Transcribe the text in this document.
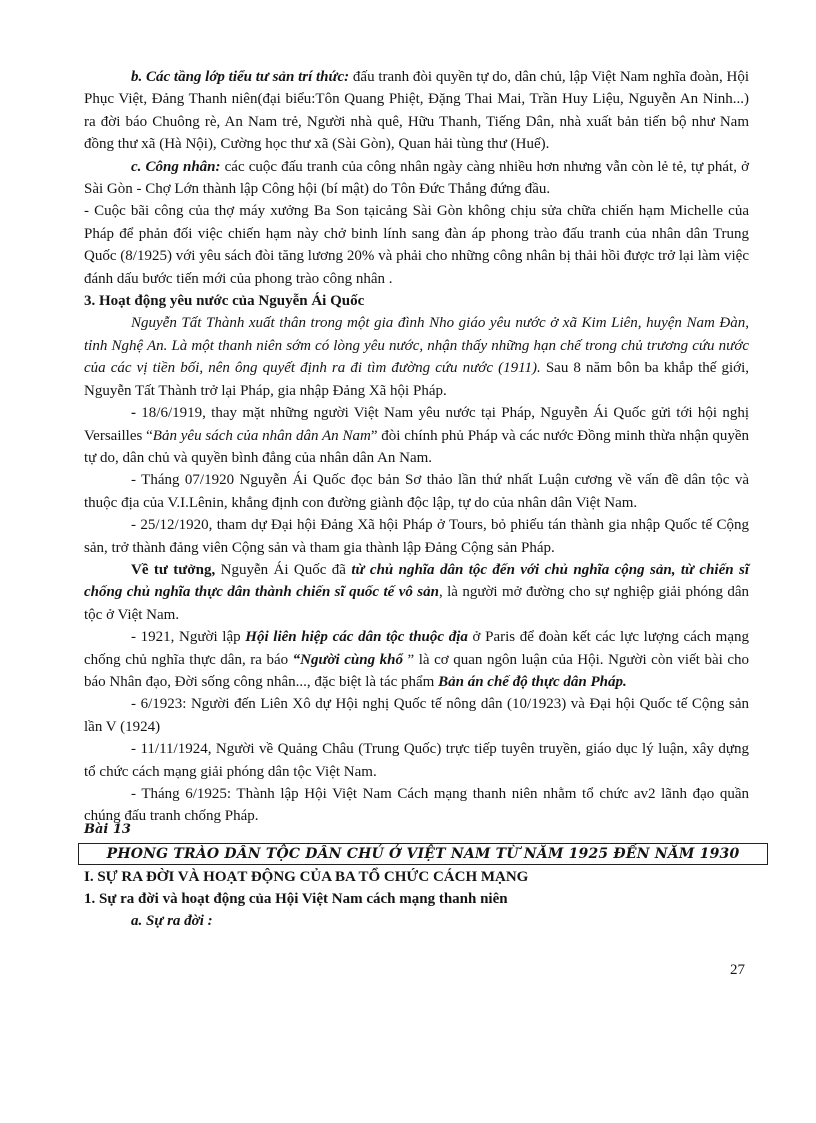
b. Các tầng lớp tiểu tư sản trí thức: đấu tranh đòi quyền tự do, dân chủ, lập Việt Nam nghĩa đoàn, Hội Phục Việt, Đảng Thanh niên(đại biểu:Tôn Quang Phiệt, Đặng Thai Mai, Trần Huy Liệu, Nguyễn An Ninh...) ra đời báo Chuông rè, An Nam trẻ, Người nhà quê, Hữu Thanh, Tiếng Dân, nhà xuất bản tiến bộ như Nam đồng thư xã (Hà Nội), Cường học thư xã (Sài Gòn), Quan hải tùng thư (Huế).

c. Công nhân: các cuộc đấu tranh của công nhân ngày càng nhiều hơn nhưng vẫn còn lẻ tẻ, tự phát, ở Sài Gòn - Chợ Lớn thành lập Công hội (bí mật) do Tôn Đức Thắng đứng đầu.

- Cuộc bãi công của thợ máy xưởng Ba Son tạicảng Sài Gòn không chịu sửa chữa chiến hạm Michelle của Pháp để phản đối việc chiến hạm này chở binh lính sang đàn áp phong trào đấu tranh của nhân dân Trung Quốc (8/1925) với yêu sách đòi tăng lương 20% và phải cho những công nhân bị thải hồi được trở lại làm việc đánh dấu bước tiến mới của phong trào công nhân .

3. Hoạt động yêu nước của Nguyễn Ái Quốc

Nguyễn Tất Thành xuất thân trong một gia đình Nho giáo yêu nước ở xã Kim Liên, huyện Nam Đàn, tỉnh Nghệ An. Là một thanh niên sớm có lòng yêu nước, nhận thấy những hạn chế trong chủ trương cứu nước của các vị tiền bối, nên ông quyết định ra đi tìm đường cứu nước (1911). Sau 8 năm bôn ba khắp thế giới, Nguyễn Tất Thành trở lại Pháp, gia nhập Đảng Xã hội Pháp.

- 18/6/1919, thay mặt những người Việt Nam yêu nước tại Pháp, Nguyễn Ái Quốc gửi tới hội nghị Versailles “Bản yêu sách của nhân dân An Nam” đòi chính phủ Pháp và các nước Đồng minh thừa nhận quyền tự do, dân chủ và quyền bình đẳng của nhân dân An Nam.

- Tháng 07/1920 Nguyễn Ái Quốc đọc bản Sơ thảo lần thứ nhất Luận cương về vấn đề dân tộc và thuộc địa của V.I.Lênin, khẳng định con đường giành độc lập, tự do của nhân dân Việt Nam.

- 25/12/1920, tham dự Đại hội Đảng Xã hội Pháp ở Tours, bỏ phiếu tán thành gia nhập Quốc tế Cộng sản, trở thành đảng viên Cộng sản và tham gia thành lập Đảng Cộng sản Pháp.

Về tư tưởng, Nguyễn Ái Quốc đã từ chủ nghĩa dân tộc đến với chủ nghĩa cộng sản, từ chiến sĩ chống chủ nghĩa thực dân thành chiến sĩ quốc tế vô sản, là người mở đường cho sự nghiệp giải phóng dân tộc ở Việt Nam.

- 1921, Người lập Hội liên hiệp các dân tộc thuộc địa ở Paris để đoàn kết các lực lượng cách mạng chống chủ nghĩa thực dân, ra báo “Người cùng khổ ” là cơ quan ngôn luận của Hội. Người còn viết bài cho báo Nhân đạo, Đời sống công nhân..., đặc biệt là tác phẩm Bản án chế độ thực dân Pháp.

- 6/1923: Người đến Liên Xô dự Hội nghị Quốc tế nông dân (10/1923) và Đại hội Quốc tế Cộng sản lần V (1924)

- 11/11/1924, Người về Quảng Châu (Trung Quốc) trực tiếp tuyên truyền, giáo dục lý luận, xây dựng tổ chức cách mạng giải phóng dân tộc Việt Nam.

- Tháng 6/1925: Thành lập Hội Việt Nam Cách mạng thanh niên nhằm tổ chức av2 lãnh đạo quần chúng đấu tranh chống Pháp.

Bài 13
PHONG TRÀO DÂN TỘC DÂN CHỦ Ở VIỆT NAM TỪ NĂM 1925 ĐẾN NĂM 1930
I. SỰ RA ĐỜI VÀ HOẠT ĐỘNG CỦA BA TỔ CHỨC CÁCH MẠNG
1. Sự ra đời và hoạt động của Hội Việt Nam cách mạng thanh niên
a. Sự ra đời :
27
